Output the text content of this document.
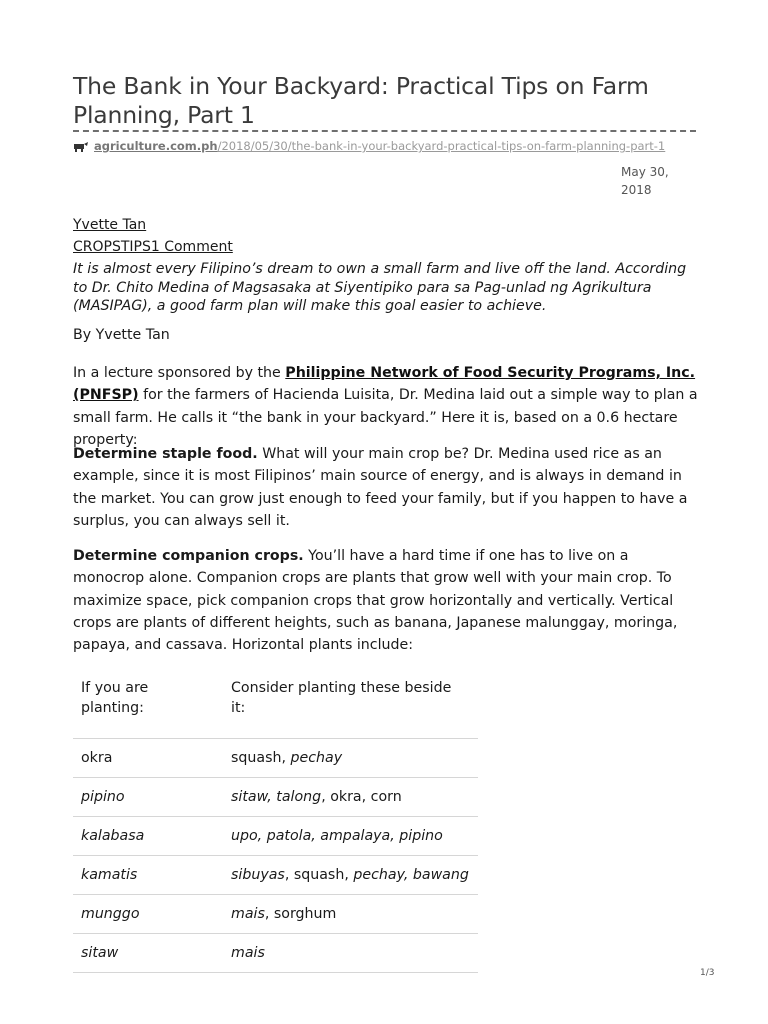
The Bank in Your Backyard: Practical Tips on Farm Planning, Part 1
agriculture.com.ph /2018/05/30/the-bank-in-your-backyard-practical-tips-on-farm-planning-part-1
May 30, 2018
Yvette Tan
CROPSTIPS1 Comment

It is almost every Filipino’s dream to own a small farm and live off the land. According to Dr. Chito Medina of Magsasaka at Siyentipiko para sa Pag-unlad ng Agrikultura (MASIPAG), a good farm plan will make this goal easier to achieve.

By Yvette Tan

In a lecture sponsored by the Philippine Network of Food Security Programs, Inc. (PNFSP) for the farmers of Hacienda Luisita, Dr. Medina laid out a simple way to plan a small farm. He calls it “the bank in your backyard.” Here it is, based on a 0.6 hectare property:

Determine staple food. What will your main crop be? Dr. Medina used rice as an example, since it is most Filipinos’ main source of energy, and is always in demand in the market. You can grow just enough to feed your family, but if you happen to have a surplus, you can always sell it.

Determine companion crops. You’ll have a hard time if one has to live on a monocrop alone. Companion crops are plants that grow well with your main crop. To maximize space, pick companion crops that grow horizontally and vertically. Vertical crops are plants of different heights, such as banana, Japanese malunggay, moringa, papaya, and cassava. Horizontal plants include:

If you are planting:	Consider planting these beside it:
okra	squash, pechay
pipino	sitaw, talong, okra, corn
kalabasa	upo, patola, ampalaya, pipino
kamatis	sibuyas, squash, pechay, bawang
munggo	mais, sorghum
sitaw	mais
1/3
